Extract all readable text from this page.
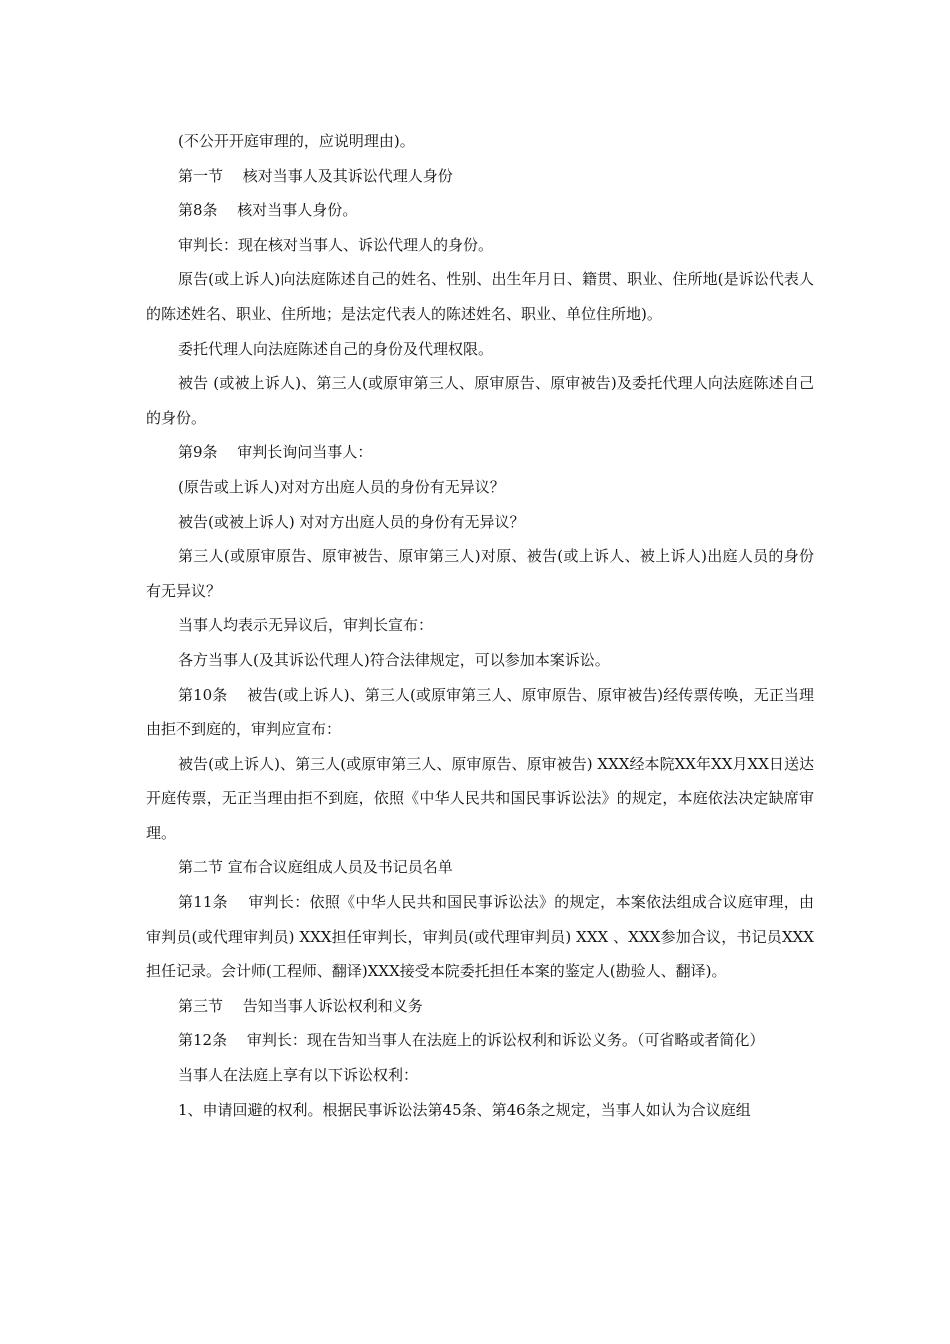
(不公开开庭审理的，应说明理由)。

第一节　 核对当事人及其诉讼代理人身份

第8条　 核对当事人身份。

审判长：现在核对当事人、诉讼代理人的身份。

原告(或上诉人)向法庭陈述自己的姓名、性别、出生年月日、籍贯、职业、住所地(是诉讼代表人的陈述姓名、职业、住所地；是法定代表人的陈述姓名、职业、单位住所地)。

委托代理人向法庭陈述自己的身份及代理权限。

被告 (或被上诉人)、第三人(或原审第三人、原审原告、原审被告)及委托代理人向法庭陈述自己的身份。

第9条　 审判长询问当事人：

(原告或上诉人)对对方出庭人员的身份有无异议？

被告(或被上诉人) 对对方出庭人员的身份有无异议？

第三人(或原审原告、原审被告、原审第三人)对原、被告(或上诉人、被上诉人)出庭人员的身份有无异议？

当事人均表示无异议后，审判长宣布：

各方当事人(及其诉讼代理人)符合法律规定，可以参加本案诉讼。

第10条　 被告(或上诉人)、第三人(或原审第三人、原审原告、原审被告)经传票传唤，无正当理由拒不到庭的，审判应宣布：

被告(或上诉人)、第三人(或原审第三人、原审原告、原审被告) XXX经本院XX年XX月XX日送达开庭传票，无正当理由拒不到庭，依照《中华人民共和国民事诉讼法》的规定，本庭依法决定缺席审理。

第二节 宣布合议庭组成人员及书记员名单

第11条　 审判长：依照《中华人民共和国民事诉讼法》的规定，本案依法组成合议庭审理，由审判员(或代理审判员) XXX担任审判长，审判员(或代理审判员) XXX 、XXX参加合议，书记员XXX担任记录。会计师(工程师、翻译)XXX接受本院委托担任本案的鉴定人(勘验人、翻译)。

第三节　 告知当事人诉讼权利和义务

第12条　 审判长：现在告知当事人在法庭上的诉讼权利和诉讼义务。（可省略或者简化）

当事人在法庭上享有以下诉讼权利：

1、申请回避的权利。根据民事诉讼法第45条、第46条之规定，当事人如认为合议庭组
